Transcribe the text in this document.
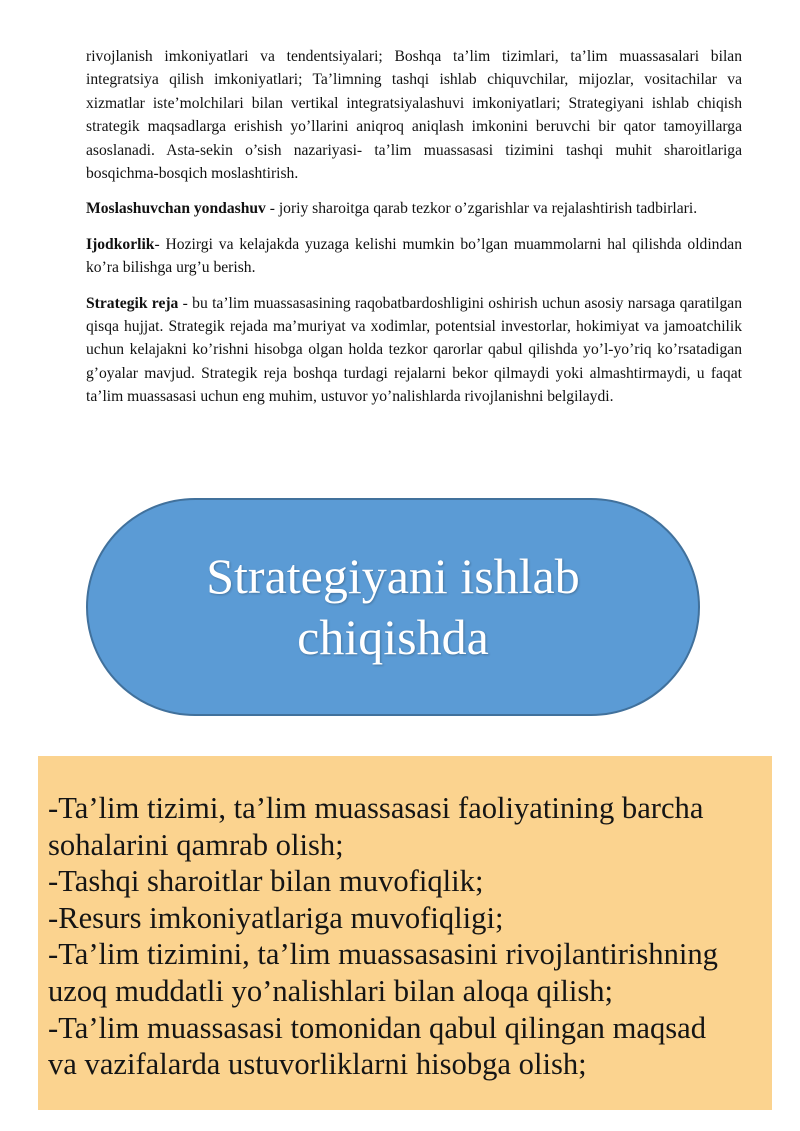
rivojlanish imkoniyatlari va tendentsiyalari; Boshqa ta’lim tizimlari, ta’lim muassasalari bilan integratsiya qilish imkoniyatlari; Ta’limning tashqi ishlab chiquvchilar, mijozlar, vositachilar va xizmatlar iste’molchilari bilan vertikal integratsiyalashuvi imkoniyatlari; Strategiyani ishlab chiqish strategik maqsadlarga erishish yo’llarini aniqroq aniqlash imkonini beruvchi bir qator tamoyillarga asoslanadi. Asta-sekin o’sish nazariyasi- ta’lim muassasasi tizimini tashqi muhit sharoitlariga bosqichma-bosqich moslashtirish.

Moslashuvchan yondashuv - joriy sharoitga qarab tezkor o’zgarishlar va rejalashtirish tadbirlari.

Ijodkorlik- Hozirgi va kelajakda yuzaga kelishi mumkin bo’lgan muammolarni hal qilishda oldindan ko’ra bilishga urg’u berish.

Strategik reja - bu ta’lim muassasasining raqobatbardoshligini oshirish uchun asosiy narsaga qaratilgan qisqa hujjat. Strategik rejada ma’muriyat va xodimlar, potentsial investorlar, hokimiyat va jamoatchilik uchun kelajakni ko’rishni hisobga olgan holda tezkor qarorlar qabul qilishda yo’l-yo’riq ko’rsatadigan g’oyalar mavjud. Strategik reja boshqa turdagi rejalarni bekor qilmaydi yoki almashtirmaydi, u faqat ta’lim muassasasi uchun eng muhim, ustuvor yo’nalishlarda rivojlanishni belgilaydi.

Strategiyani ishlab chiqishda
-Ta’lim tizimi, ta’lim muassasasi faoliyatining barcha
sohalarini qamrab olish;
-Tashqi sharoitlar bilan muvofiqlik;
-Resurs imkoniyatlariga muvofiqligi;
-Ta’lim tizimini, ta’lim muassasasini rivojlantirishning
uzoq muddatli yo’nalishlari bilan aloqa qilish;
-Ta’lim muassasasi tomonidan qabul qilingan maqsad
va vazifalarda ustuvorliklarni hisobga olish;
